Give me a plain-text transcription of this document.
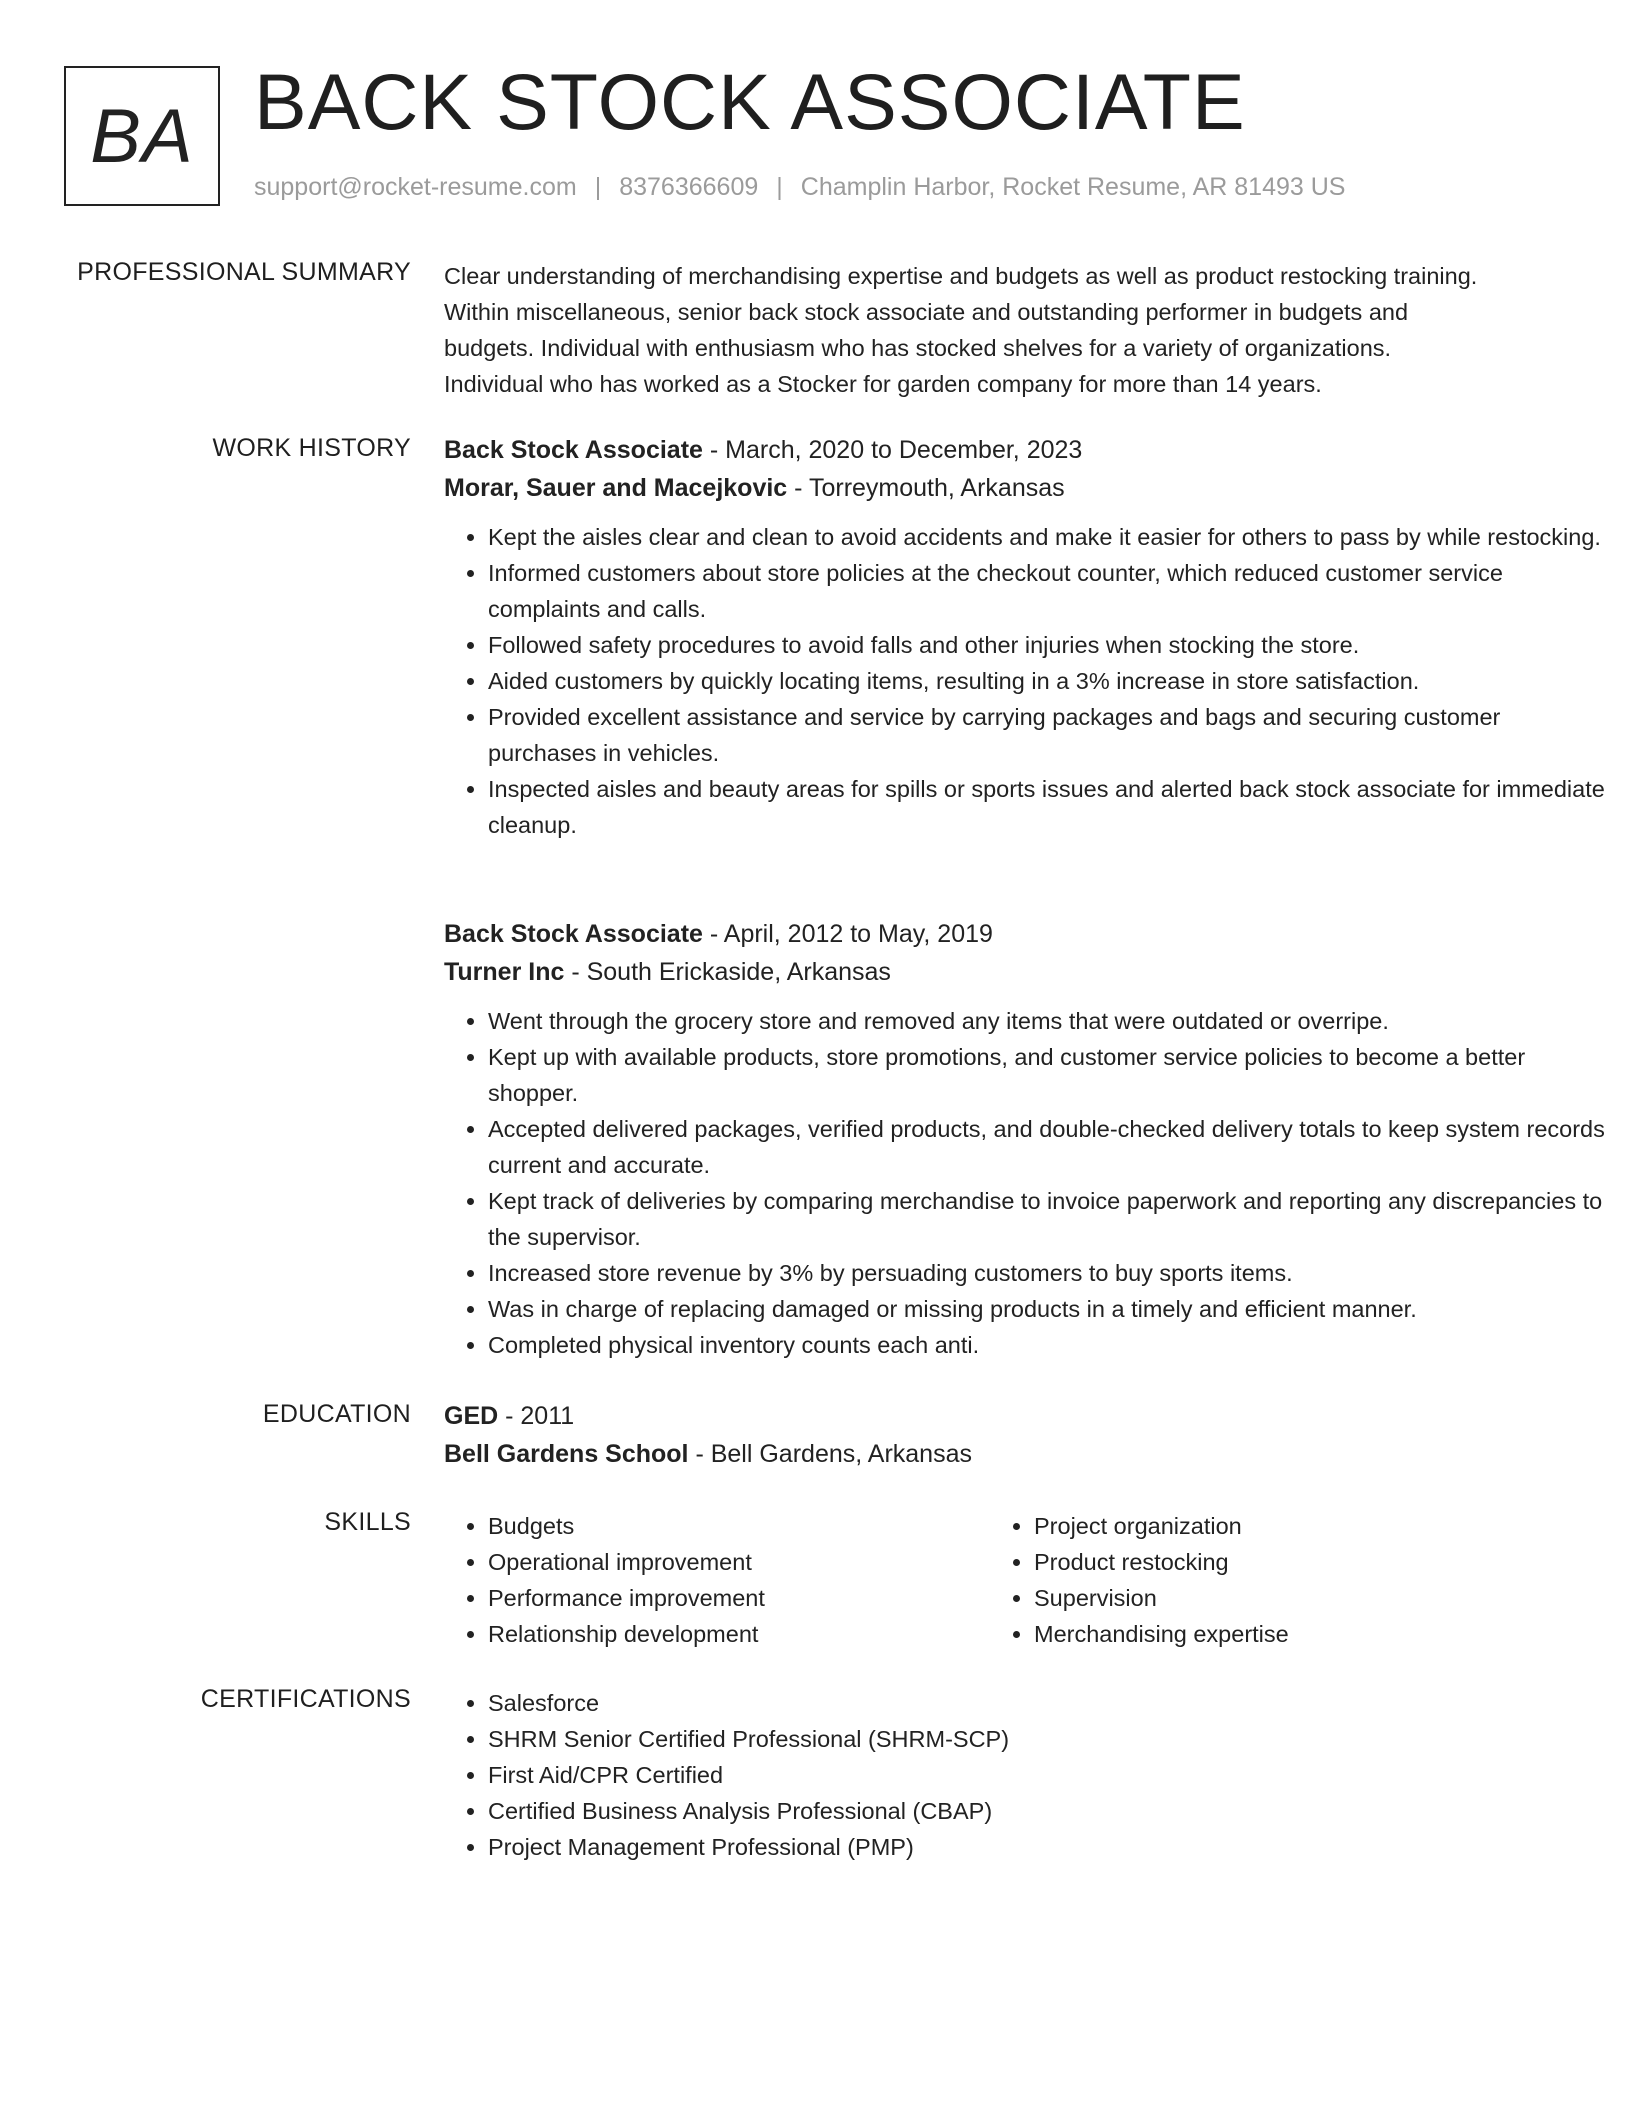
BA BACK STOCK ASSOCIATE
support@rocket-resume.com | 8376366609 | Champlin Harbor, Rocket Resume, AR 81493 US
PROFESSIONAL SUMMARY Clear understanding of merchandising expertise and budgets as well as product restocking training.
Within miscellaneous, senior back stock associate and outstanding performer in budgets and
budgets. Individual with enthusiasm who has stocked shelves for a variety of organizations.
Individual who has worked as a Stocker for garden company for more than 14 years.
WORK HISTORY Back Stock Associate - March, 2020 to December, 2023
Morar, Sauer and Macejkovic - Torreymouth, Arkansas
• Kept the aisles clear and clean to avoid accidents and make it easier for others to pass by while restocking.
• Informed customers about store policies at the checkout counter, which reduced customer service complaints and calls.
• Followed safety procedures to avoid falls and other injuries when stocking the store.
• Aided customers by quickly locating items, resulting in a 3% increase in store satisfaction.
• Provided excellent assistance and service by carrying packages and bags and securing customer purchases in vehicles.
• Inspected aisles and beauty areas for spills or sports issues and alerted back stock associate for immediate cleanup.
Back Stock Associate - April, 2012 to May, 2019
Turner Inc - South Erickaside, Arkansas
• Went through the grocery store and removed any items that were outdated or overripe.
• Kept up with available products, store promotions, and customer service policies to become a better shopper.
• Accepted delivered packages, verified products, and double-checked delivery totals to keep system records current and accurate.
• Kept track of deliveries by comparing merchandise to invoice paperwork and reporting any discrepancies to the supervisor.
• Increased store revenue by 3% by persuading customers to buy sports items.
• Was in charge of replacing damaged or missing products in a timely and efficient manner.
• Completed physical inventory counts each anti.
EDUCATION GED - 2011
Bell Gardens School - Bell Gardens, Arkansas
SKILLS	• Budgets
• Operational improvement
• Performance improvement
• Relationship development
• Project organization
• Product restocking
• Supervision
• Merchandising expertise
CERTIFICATIONS	• Salesforce
• SHRM Senior Certified Professional (SHRM-SCP)
• First Aid/CPR Certified
• Certified Business Analysis Professional (CBAP)
• Project Management Professional (PMP)
